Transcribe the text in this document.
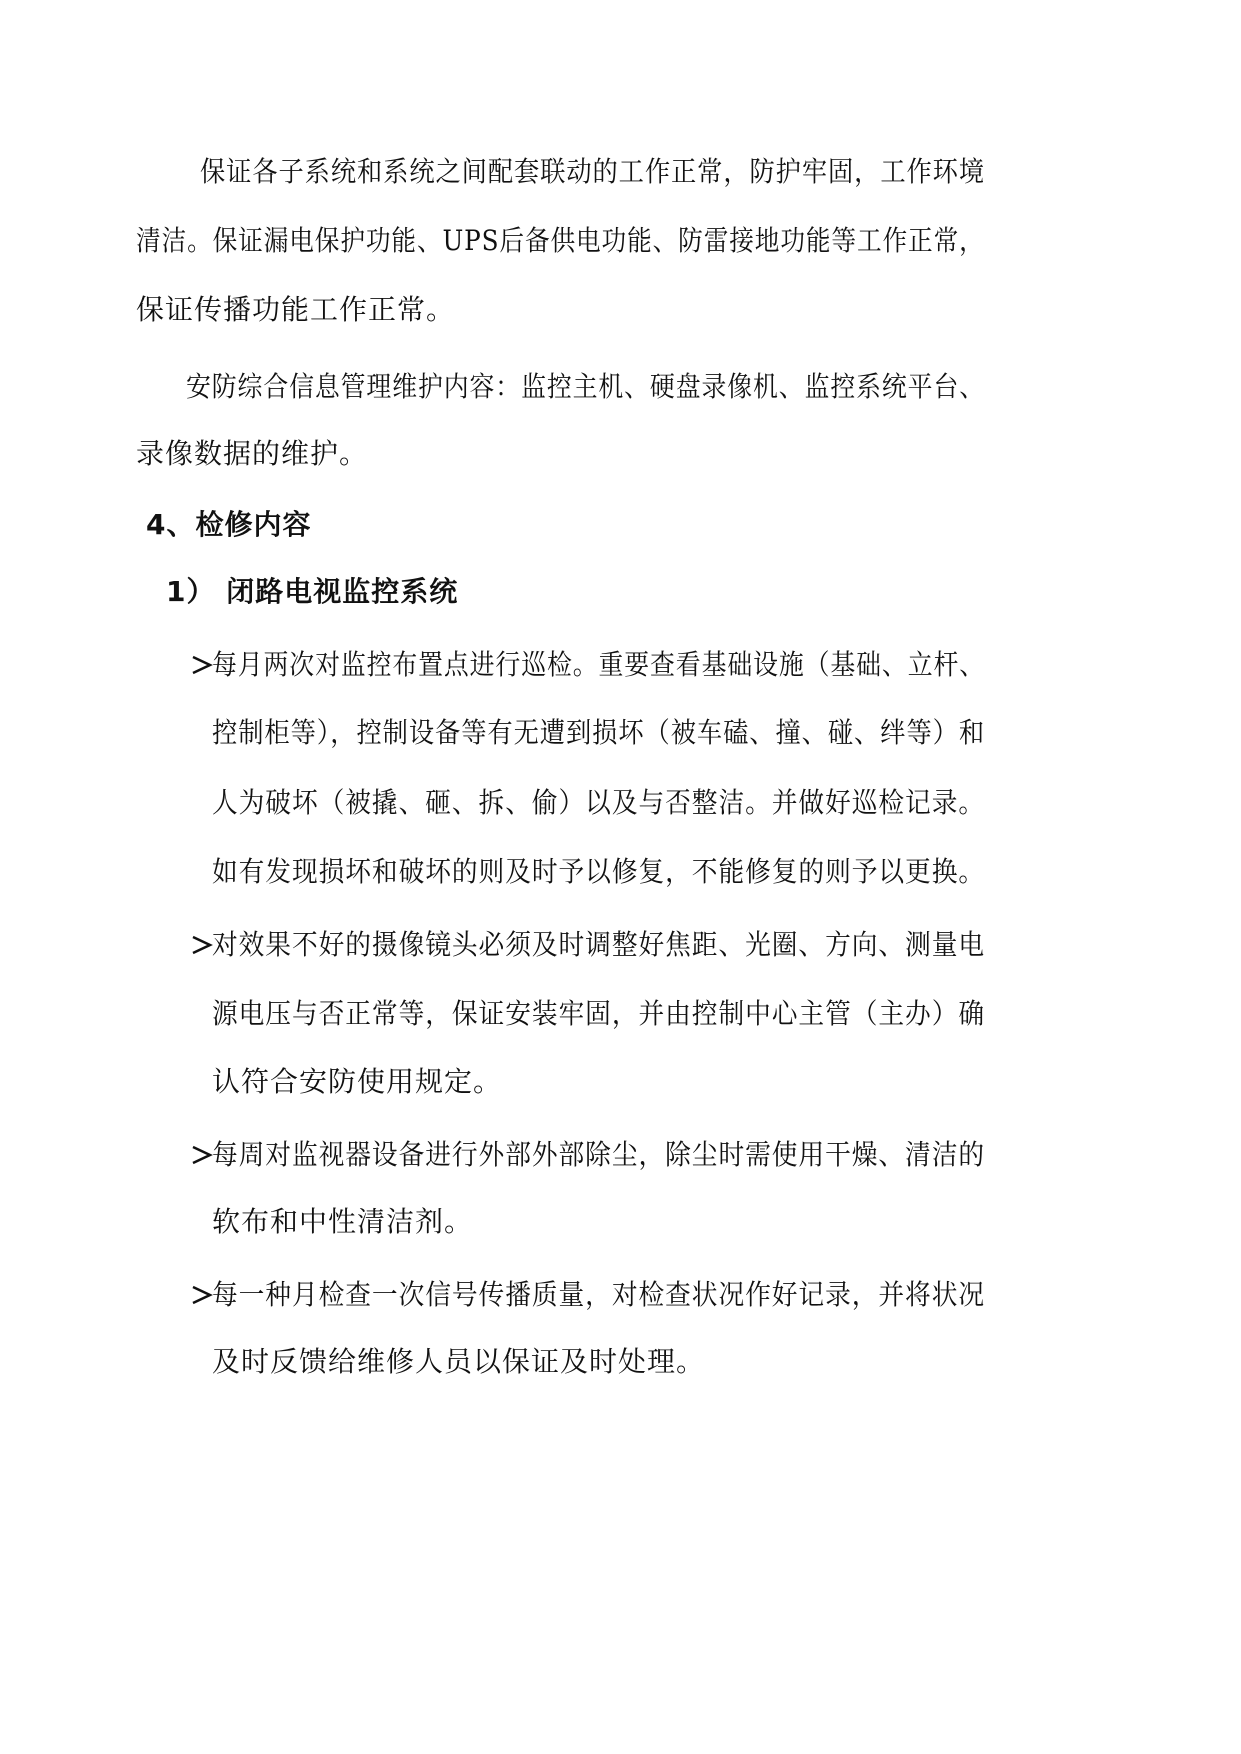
保证各子系统和系统之间配套联动的工作正常，防护牢固，工作环境
清洁。保证漏电保护功能、UPS后备供电功能、防雷接地功能等工作正常，
保证传播功能工作正常。
安防综合信息管理维护内容：监控主机、硬盘录像机、监控系统平台、
录像数据的维护。
4、检修内容
1） 闭路电视监控系统
每月两次对监控布置点进行巡检。重要查看基础设施（基础、立杆、
控制柜等），控制设备等有无遭到损坏（被车磕、撞、碰、绊等）和
人为破坏（被撬、砸、拆、偷）以及与否整洁。并做好巡检记录。
如有发现损坏和破坏的则及时予以修复，不能修复的则予以更换。
对效果不好的摄像镜头必须及时调整好焦距、光圈、方向、测量电
源电压与否正常等，保证安装牢固，并由控制中心主管（主办）确
认符合安防使用规定。
每周对监视器设备进行外部外部除尘，除尘时需使用干燥、清洁的
软布和中性清洁剂。
每一种月检查一次信号传播质量，对检查状况作好记录，并将状况
及时反馈给维修人员以保证及时处理。
